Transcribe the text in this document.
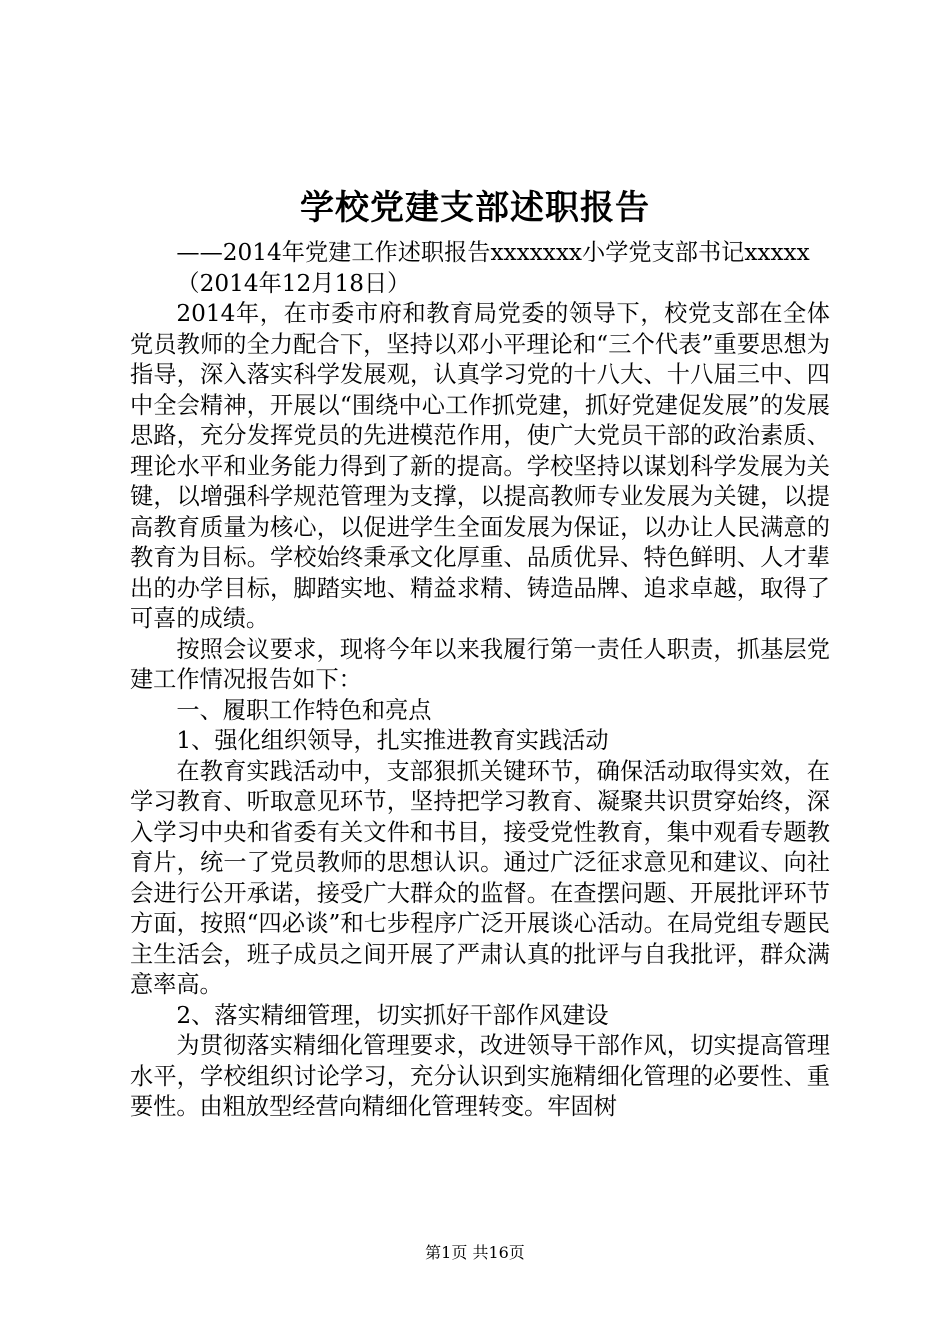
学校党建支部述职报告

——2014年党建工作述职报告xxxxxxx小学党支部书记xxxxx

（2014年12月18日）

2014年，在市委市府和教育局党委的领导下，校党支部在全体党员教师的全力配合下，坚持以邓小平理论和“三个代表”重要思想为指导，深入落实科学发展观，认真学习党的十八大、十八届三中、四中全会精神，开展以“围绕中心工作抓党建，抓好党建促发展”的发展思路，充分发挥党员的先进模范作用，使广大党员干部的政治素质、理论水平和业务能力得到了新的提高。学校坚持以谋划科学发展为关键，以增强科学规范管理为支撑，以提高教师专业发展为关键，以提高教育质量为核心，以促进学生全面发展为保证，以办让人民满意的教育为目标。学校始终秉承文化厚重、品质优异、特色鲜明、人才辈出的办学目标，脚踏实地、精益求精、铸造品牌、追求卓越，取得了可喜的成绩。

按照会议要求，现将今年以来我履行第一责任人职责，抓基层党建工作情况报告如下：

一、履职工作特色和亮点

1、强化组织领导，扎实推进教育实践活动

在教育实践活动中，支部狠抓关键环节，确保活动取得实效，在学习教育、听取意见环节，坚持把学习教育、凝聚共识贯穿始终，深入学习中央和省委有关文件和书目，接受党性教育，集中观看专题教育片，统一了党员教师的思想认识。通过广泛征求意见和建议、向社会进行公开承诺，接受广大群众的监督。在查摆问题、开展批评环节方面，按照“四必谈”和七步程序广泛开展谈心活动。在局党组专题民主生活会，班子成员之间开展了严肃认真的批评与自我批评，群众满意率高。

2、落实精细管理，切实抓好干部作风建设

为贯彻落实精细化管理要求，改进领导干部作风，切实提高管理水平，学校组织讨论学习，充分认识到实施精细化管理的必要性、重要性。由粗放型经营向精细化管理转变。牢固树

第1页 共16页
